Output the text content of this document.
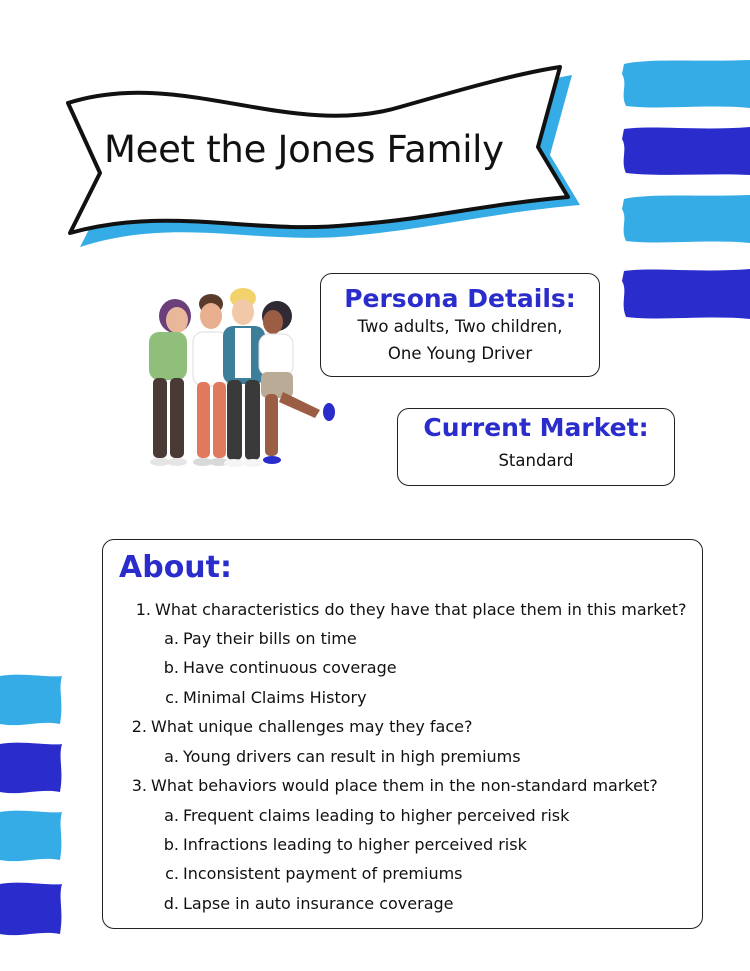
Meet the Jones Family
Persona Details:
Two adults, Two children,
One Young Driver
Current Market:
Standard
About:
1. What characteristics do they have that place them in this market?
a. Pay their bills on time
b. Have continuous coverage
c. Minimal Claims History
2. What unique challenges may they face?
a. Young drivers can result in high premiums
3. What behaviors would place them in the non-standard market?
a. Frequent claims leading to higher perceived risk
b. Infractions leading to higher perceived risk
c. Inconsistent payment of premiums
d. Lapse in auto insurance coverage
